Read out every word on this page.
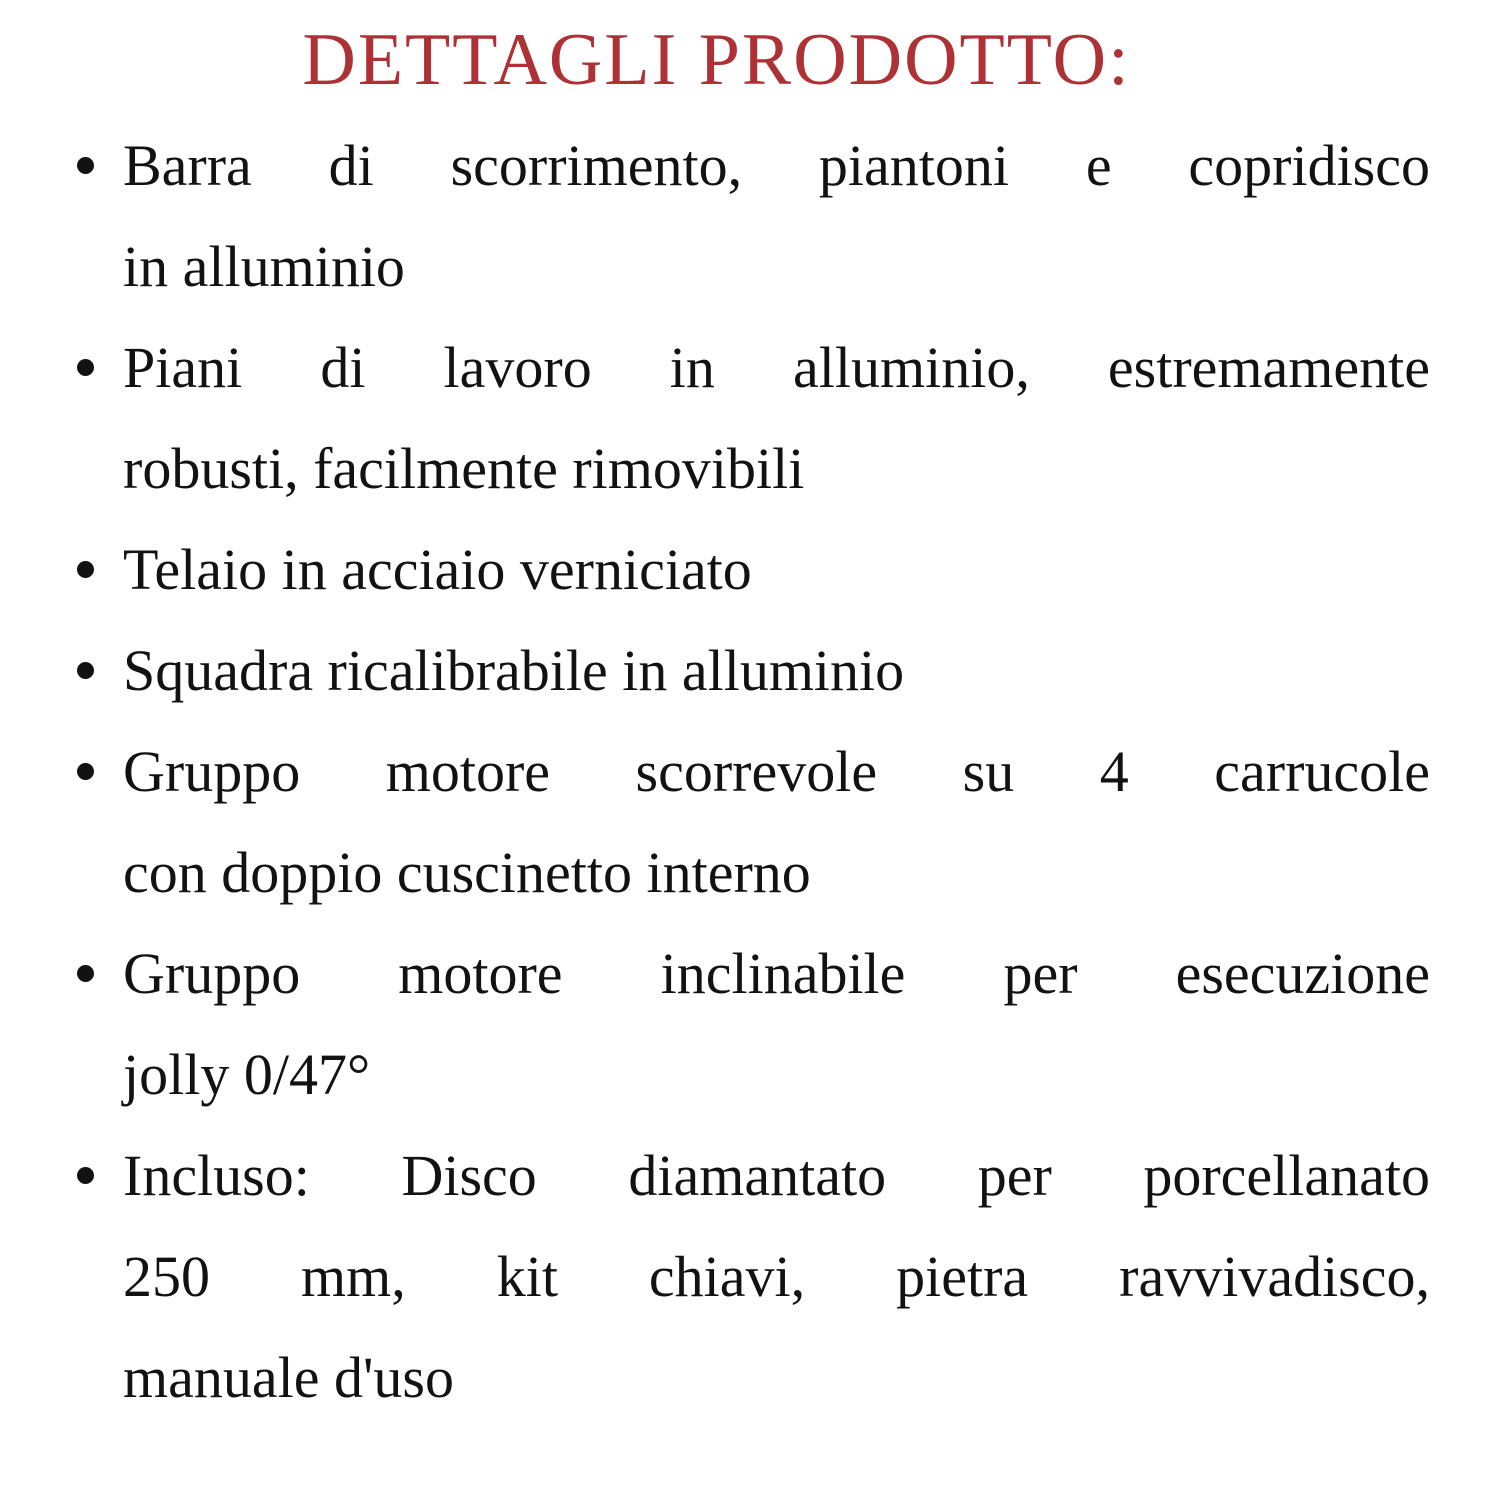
DETTAGLI PRODOTTO:
Barra di scorrimento, piantoni e copridisco
in alluminio
Piani di lavoro in alluminio, estremamente
robusti, facilmente rimovibili
Telaio in acciaio verniciato
Squadra ricalibrabile in alluminio
Gruppo motore scorrevole su 4 carrucole
con doppio cuscinetto interno
Gruppo motore inclinabile per esecuzione
jolly 0/47°
Incluso: Disco diamantato per porcellanato
250 mm, kit chiavi, pietra ravvivadisco,
manuale d'uso
